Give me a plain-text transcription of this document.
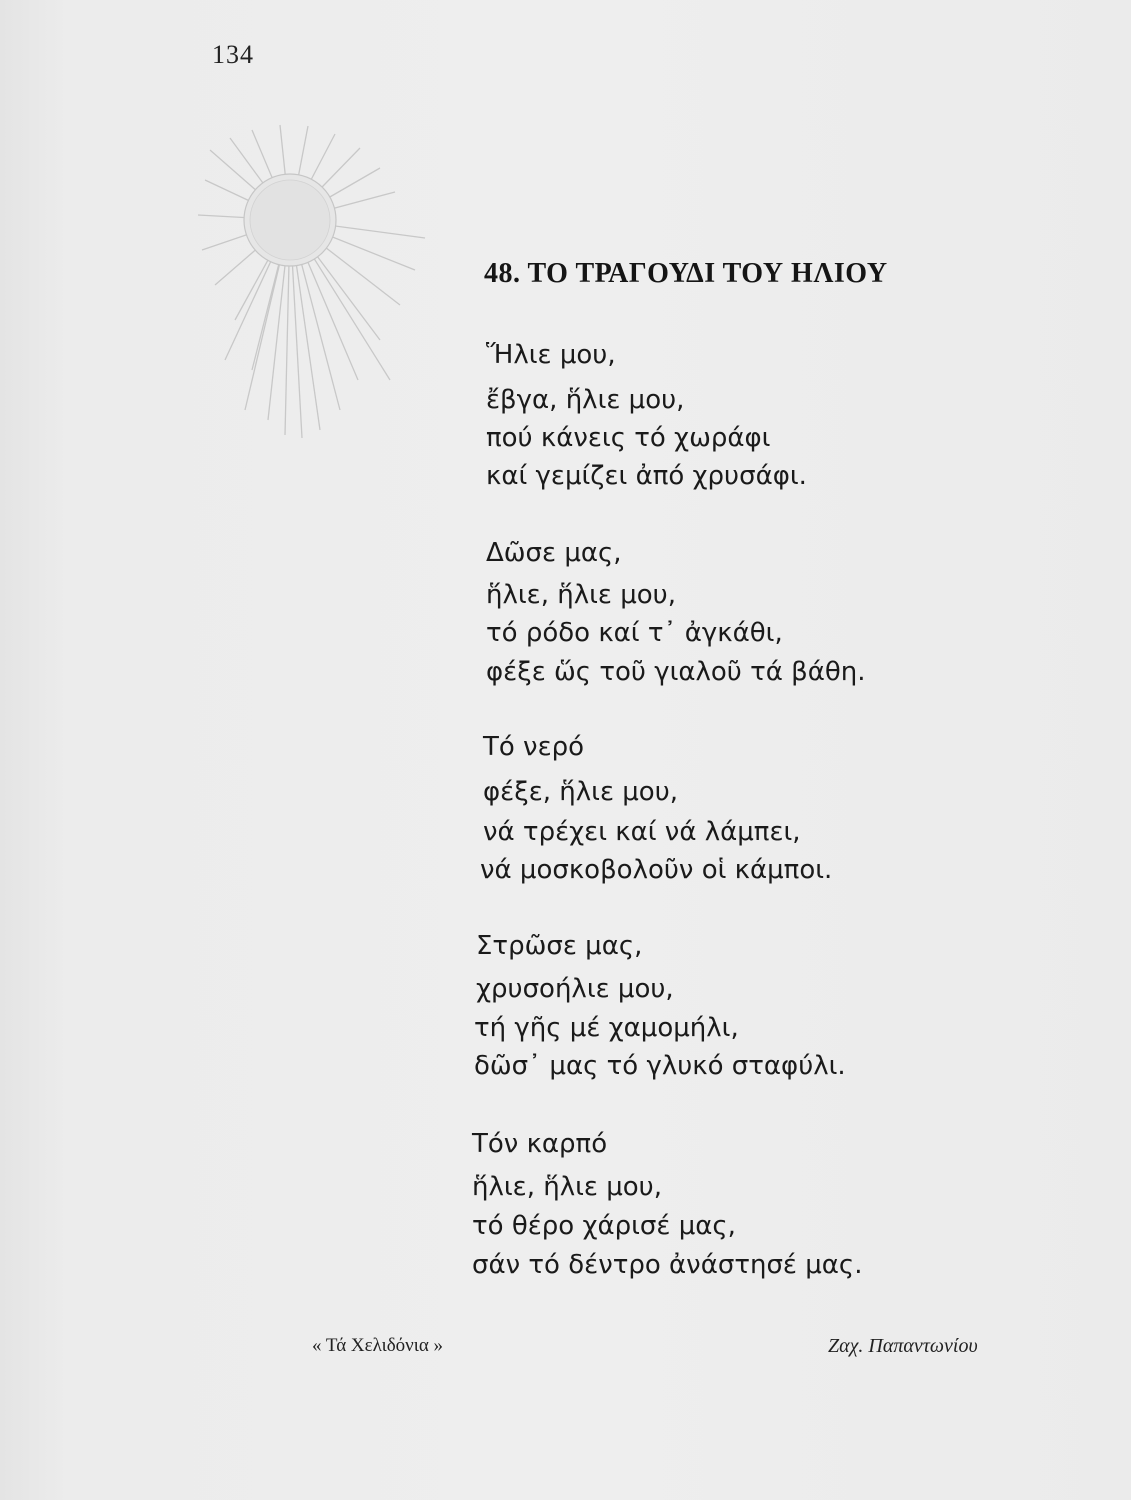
134
48. ΤΟ ΤΡΑΓΟΥΔΙ ΤΟΥ ΗΛΙΟΥ
Ἥλιε μου,
ἔβγα, ἥλιε μου,
πού κάνεις τό χωράφι
καί γεμίζει ἀπό χρυσάφι.
Δῶσε μας,
ἥλιε, ἥλιε μου,
τό ρόδο καί τ᾽ ἀγκάθι,
φέξε ὥς τοῦ γιαλοῦ τά βάθη.
Τό νερό
φέξε, ἥλιε μου,
νά τρέχει καί νά λάμπει,
νά μοσκοβολοῦν οἱ κάμποι.
Στρῶσε μας,
χρυσοήλιε μου,
τή γῆς μέ χαμομήλι,
δῶσ᾽ μας τό γλυκό σταφύλι.
Τόν καρπό
ἥλιε, ἥλιε μου,
τό θέρο χάρισέ μας,
σάν τό δέντρο ἀνάστησέ μας.
« Τά Χελιδόνια »	Ζαχ. Παπαντωνίου
